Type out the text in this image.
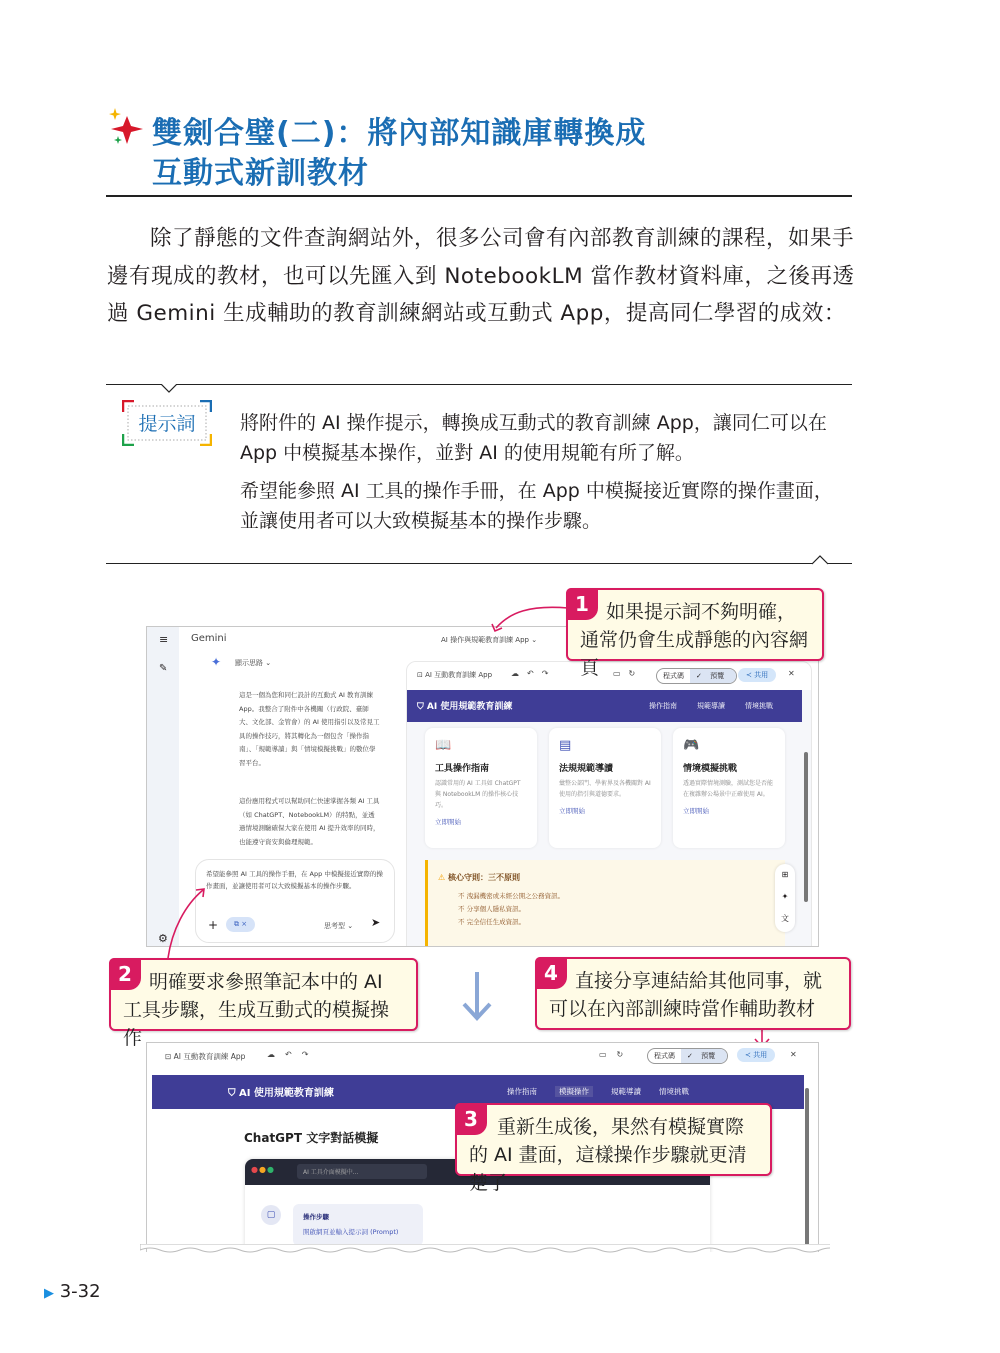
雙劍合璧(二)：將內部知識庫轉換成
互動式新訓教材
除了靜態的文件查詢網站外，很多公司會有內部教育訓練的課程，如果手邊有現成的教材，也可以先匯入到 NotebookLM 當作教材資料庫，之後再透過 Gemini 生成輔助的教育訓練網站或互動式 App，提高同仁學習的成效：
提示詞	將附件的 AI 操作提示，轉換成互動式的教育訓練 App，讓同仁可以在 App 中模擬基本操作，並對 AI 的使用規範有所了解。
希望能參照 AI 工具的操作手冊，在 App 中模擬接近實際的操作畫面，並讓使用者可以大致模擬基本的操作步驟。
≡
✎
⚙
Gemini	AI 操作與規範教育訓練 App ⌄
✦ 顯示思路 ⌄
這是一個為您和同仁設計的互動式 AI 教育訓練 App。我整合了附件中各機關（行政院、臺師大、文化部、金管會）的 AI 使用指引以及常見工具的操作技巧，將其轉化為一個包含「操作指南」、「規範導讀」與「情境模擬挑戰」的數位學習平台。
這份應用程式可以幫助同仁快速掌握各類 AI 工具（如 ChatGPT、NotebookLM）的特點，並透過情境測驗確保大家在使用 AI 提升效率的同時，也能遵守資安與倫理規範。
希望能參照 AI 工具的操作手冊，在 App 中模擬接近實際的操作畫面，並讓使用者可以大致模擬基本的操作步驟。
+	⧉ ×	思考型 ⌄ ➤
⊡ AI 互動教育訓練 App ☁↶↷	▭↻	程式碼	✓ 預覽	≺ 共用	✕
⛉ AI 使用規範教育訓練	操作指南	規範導讀	情境挑戰
📖
工具操作指南

認識常用的 AI 工具如 ChatGPT 與 NotebookLM 的操作核心技巧。

立即開始
▤
法規規範導讀

彙整公部門、學術界及各機關對 AI 使用的指引與道德要求。

立即開始
🎮
情境模擬挑戰

透過實際情境測驗，測試您是否能在複雜辦公場景中正確使用 AI。

立即開始
⚠ 核心守則：三不原則
不 洩漏機密或未經公開之公務資訊。
不 分享個人隱私資訊。
不 完全信任生成資訊。
⊞
✦
文
⊡ AI 互動教育訓練 App	☁↶↷	▭↻	程式碼	✓ 預覽	≺ 共用	✕
⛉ AI 使用規範教育訓練	操作指南	模擬操作	規範導讀 情境挑戰
ChatGPT 文字對話模擬
●●●	AI 工具介面模擬中...
▢	操作步驟
開啟網頁並輸入提示詞 (Prompt)
1 如果提示詞不夠明確，通常仍會生成靜態的內容網頁
2 明確要求參照筆記本中的 AI 工具步驟，生成互動式的模擬操作
4 直接分享連結給其他同事，就可以在內部訓練時當作輔助教材
3	重新生成後，果然有模擬實際的 AI 畫面，這樣操作步驟就更清楚了
▶ 3-32
